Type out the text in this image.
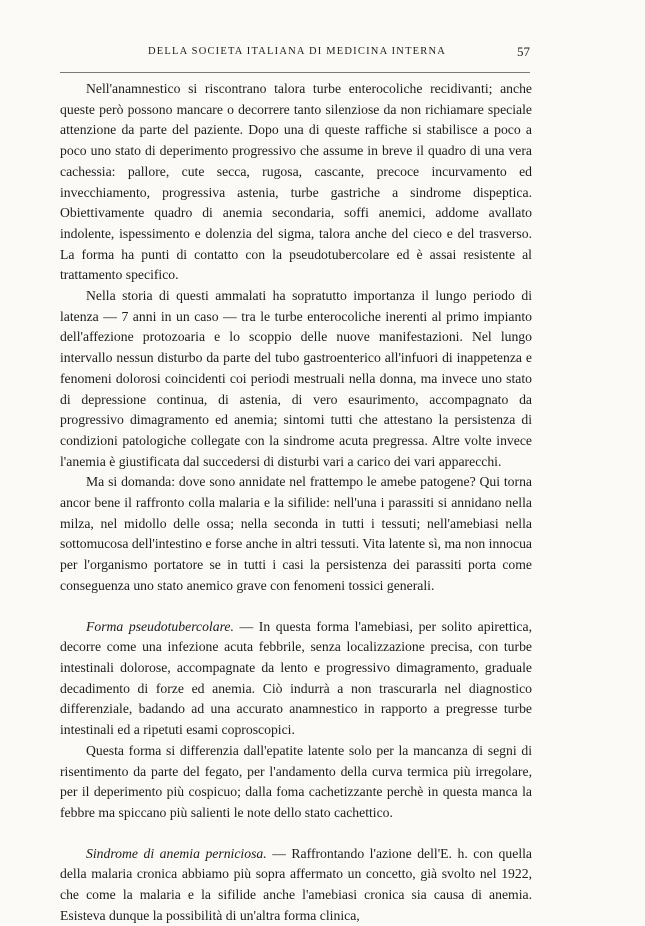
DELLA SOCIETA ITALIANA DI MEDICINA INTERNA	57

Nell'anamnestico si riscontrano talora turbe enterocoliche recidivanti; anche queste però possono mancare o decorrere tanto silenziose da non richiamare speciale attenzione da parte del paziente. Dopo una di queste raffiche si stabilisce a poco a poco uno stato di deperimento progressivo che assume in breve il quadro di una vera cachessia: pallore, cute secca, rugosa, cascante, precoce incurvamento ed invecchiamento, progressiva astenia, turbe gastriche a sindrome dispeptica. Obiettivamente quadro di anemia secondaria, soffi anemici, addome avallato indolente, ispessimento e dolenzia del sigma, talora anche del cieco e del trasverso. La forma ha punti di contatto con la pseudotubercolare ed è assai resistente al trattamento specifico.

Nella storia di questi ammalati ha sopratutto importanza il lungo periodo di latenza — 7 anni in un caso — tra le turbe enterocoliche inerenti al primo impianto dell'affezione protozoaria e lo scoppio delle nuove manifestazioni. Nel lungo intervallo nessun disturbo da parte del tubo gastroenterico all'infuori di inappetenza e fenomeni dolorosi coincidenti coi periodi mestruali nella donna, ma invece uno stato di depressione continua, di astenia, di vero esaurimento, accompagnato da progressivo dimagramento ed anemia; sintomi tutti che attestano la persistenza di condizioni patologiche collegate con la sindrome acuta pregressa. Altre volte invece l'anemia è giustificata dal succedersi di disturbi vari a carico dei vari apparecchi.

Ma si domanda: dove sono annidate nel frattempo le amebe patogene? Qui torna ancor bene il raffronto colla malaria e la sifilide: nell'una i parassiti si annidano nella milza, nel midollo delle ossa; nella seconda in tutti i tessuti; nell'amebiasi nella sottomucosa dell'intestino e forse anche in altri tessuti. Vita latente sì, ma non innocua per l'organismo portatore se in tutti i casi la persistenza dei parassiti porta come conseguenza uno stato anemico grave con fenomeni tossici generali.

Forma pseudotubercolare. — In questa forma l'amebiasi, per solito apirettica, decorre come una infezione acuta febbrile, senza localizzazione precisa, con turbe intestinali dolorose, accompagnate da lento e progressivo dimagramento, graduale decadimento di forze ed anemia. Ciò indurrà a non trascurarla nel diagnostico differenziale, badando ad una accurato anamnestico in rapporto a pregresse turbe intestinali ed a ripetuti esami coproscopici.

Questa forma si differenzia dall'epatite latente solo per la mancanza di segni di risentimento da parte del fegato, per l'andamento della curva termica più irregolare, per il deperimento più cospicuo; dalla foma cachetizzante perchè in questa manca la febbre ma spiccano più salienti le note dello stato cachettico.

Sindrome di anemia perniciosa. — Raffrontando l'azione dell'E. h. con quella della malaria cronica abbiamo più sopra affermato un concetto, già svolto nel 1922, che come la malaria e la sifilide anche l'amebiasi cronica sia causa di anemia. Esisteva dunque la possibilità di un'altra forma clinica,
